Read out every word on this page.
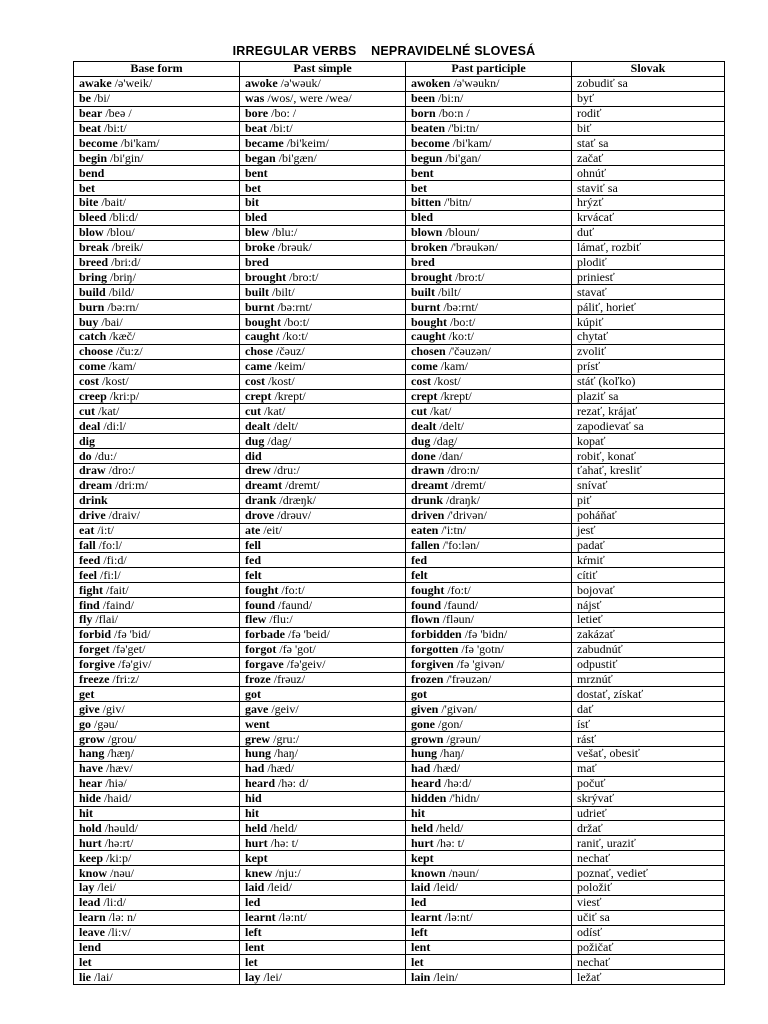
IRREGULAR VERBS    NEPRAVIDELNÉ SLOVESÁ
Base form	Past simple	Past participle	Slovak
awake /ə'weik/	awoke /ə'wəuk/	awoken /ə'wəukn/	zobudiť sa
be /bi/	was /wos/, were /weə/	been /bi:n/	byť
bear /beə /	bore /bo: /	born /bo:n /	rodiť
beat /bi:t/	beat /bi:t/	beaten /'bi:tn/	biť
become /bi'kam/	became /bi'keim/	become /bi'kam/	stať sa
begin /bi'gin/	began /bi'gæn/	begun /bi'gan/	začať
bend	bent	bent	ohnúť
bet	bet	bet	staviť sa
bite /bait/	bit	bitten /'bitn/	hrýzť
bleed /bli:d/	bled	bled	krvácať
blow /blou/	blew /blu:/	blown /bloun/	duť
break /breik/	broke /brəuk/	broken /'brəukən/	lámať, rozbiť
breed /bri:d/	bred	bred	plodiť
bring /briŋ/	brought /bro:t/	brought /bro:t/	priniesť
build /bild/	built /bilt/	built /bilt/	stavať
burn /bə:rn/	burnt /bə:rnt/	burnt /bə:rnt/	páliť, horieť
buy /bai/	bought /bo:t/	bought /bo:t/	kúpiť
catch /kæč/	caught /ko:t/	caught /ko:t/	chytať
choose /ču:z/	chose /čəuz/	chosen /'čəuzən/	zvoliť
come /kam/	came /keim/	come /kam/	prísť
cost /kost/	cost /kost/	cost /kost/	stáť (koľko)
creep /kri:p/	crept /krept/	crept /krept/	plaziť sa
cut /kat/	cut /kat/	cut /kat/	rezať, krájať
deal /di:l/	dealt /delt/	dealt /delt/	zapodievať sa
dig	dug /dag/	dug /dag/	kopať
do /du:/	did	done /dan/	robiť, konať
draw /dro:/	drew /dru:/	drawn /dro:n/	ťahať, kresliť
dream /dri:m/	dreamt /dremt/	dreamt /dremt/	snívať
drink	drank /dræŋk/	drunk /draŋk/	piť
drive /draiv/	drove /drəuv/	driven /'drivən/	poháňať
eat /i:t/	ate /eit/	eaten /'i:tn/	jesť
fall /fo:l/	fell	fallen /'fo:lən/	padať
feed /fi:d/	fed	fed	kŕmiť
feel /fi:l/	felt	felt	cítiť
fight /fait/	fought /fo:t/	fought /fo:t/	bojovať
find /faind/	found /faund/	found /faund/	nájsť
fly /flai/	flew /flu:/	flown /fləun/	letieť
forbid /fə 'bid/	forbade /fə 'beid/	forbidden /fə 'bidn/	zakázať
forget /fə'get/	forgot /fə 'got/	forgotten /fə 'gotn/	zabudnúť
forgive /fə'giv/	forgave /fə'geiv/	forgiven /fə 'givən/	odpustiť
freeze /fri:z/	froze /frəuz/	frozen /'frəuzən/	mrznúť
get	got	got	dostať, získať
give /giv/	gave /geiv/	given /'givən/	dať
go /gəu/	went	gone /gon/	ísť
grow /grou/	grew /gru:/	grown /grəun/	rásť
hang /hæŋ/	hung /haŋ/	hung /haŋ/	vešať, obesiť
have /hæv/	had /hæd/	had /hæd/	mať
hear /hiə/	heard /hə: d/	heard /hə:d/	počuť
hide /haid/	hid	hidden /'hidn/	skrývať
hit	hit	hit	udrieť
hold /həuld/	held /held/	held /held/	držať
hurt /hə:rt/	hurt /hə: t/	hurt /hə: t/	raniť, uraziť
keep /ki:p/	kept	kept	nechať
know /nəu/	knew /nju:/	known /nəun/	poznať, vedieť
lay /lei/	laid /leid/	laid /leid/	položiť
lead /li:d/	led	led	viesť
learn /lə: n/	learnt /lə:nt/	learnt /lə:nt/	učiť sa
leave /li:v/	left	left	odísť
lend	lent	lent	požičať
let	let	let	nechať
lie /lai/	lay /lei/	lain /lein/	ležať
